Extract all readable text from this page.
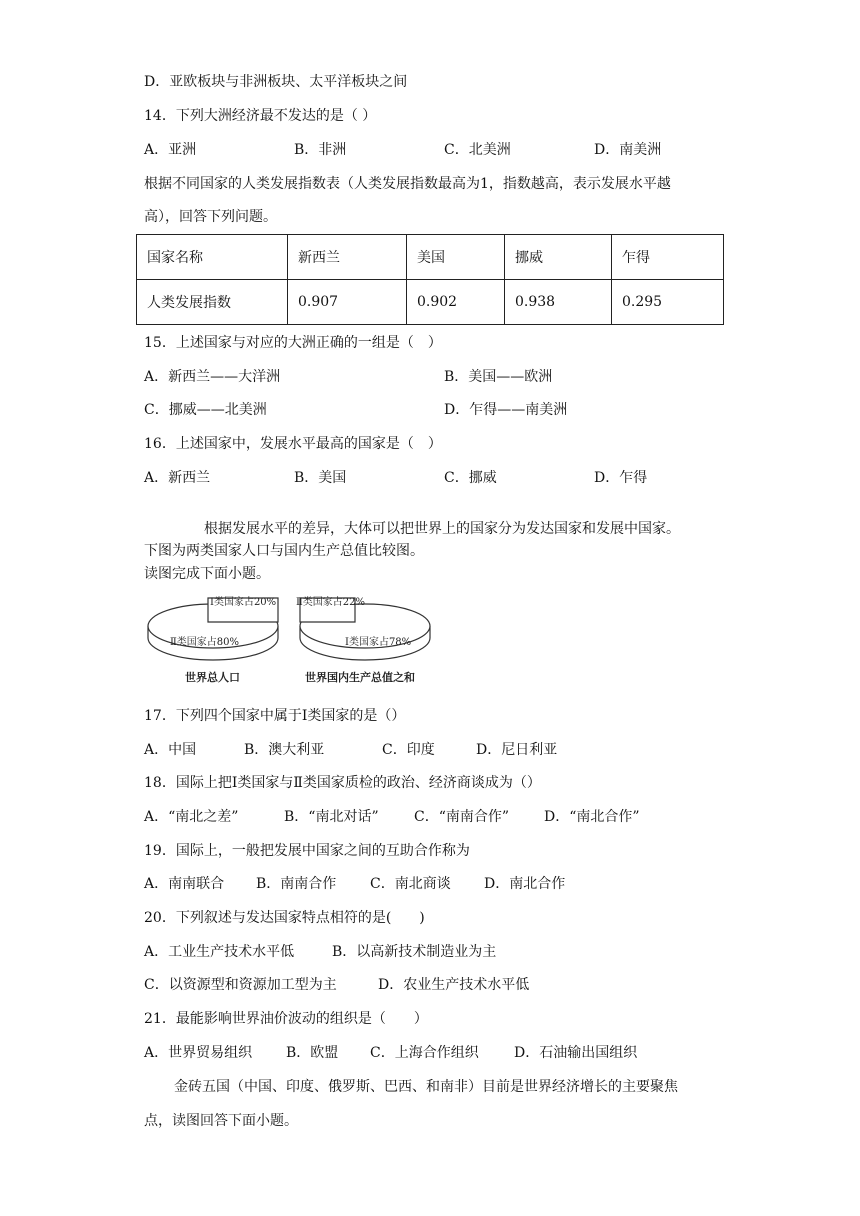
D．亚欧板块与非洲板块、太平洋板块之间
14．下列大洲经济最不发达的是（ ）
A．亚洲	B．非洲	C．北美洲	D．南美洲
根据不同国家的人类发展指数表（人类发展指数最高为1，指数越高，表示发展水平越
高），回答下列问题。
国家名称	新西兰	美国	挪威	乍得
人类发展指数	0.907	0.902	0.938	0.295
15．上述国家与对应的大洲正确的一组是（　）
A．新西兰——大洋洲	B．美国——欧洲
C．挪威——北美洲	D．乍得——南美洲
16．上述国家中，发展水平最高的国家是（　）
A．新西兰	B．美国	C．挪威	D．乍得
根据发展水平的差异，大体可以把世界上的国家分为发达国家和发展中国家。
下图为两类国家人口与国内生产总值比较图。
读图完成下面小题。
Ⅰ类国家占20%
Ⅱ类国家占80%
世界总人口
Ⅱ类国家占22%
Ⅰ类国家占78%
世界国内生产总值之和
17．下列四个国家中属于Ⅰ类国家的是（）
A．中国	B．澳大利亚	C．印度	D．尼日利亚
18．国际上把Ⅰ类国家与Ⅱ类国家质检的政治、经济商谈成为（）
A．“南北之差”	B．“南北对话”	C．“南南合作” D．“南北合作”
19．国际上，一般把发展中国家之间的互助合作称为
A．南南联合 B．南南合作 C．南北商谈 D．南北合作
20．下列叙述与发达国家特点相符的是(　　)
A．工业生产技术水平低	B．以高新技术制造业为主
C．以资源型和资源加工型为主	D．农业生产技术水平低
21．最能影响世界油价波动的组织是（　　）
A．世界贸易组织 B．欧盟 C．上海合作组织	D．石油输出国组织
金砖五国（中国、印度、俄罗斯、巴西、和南非）目前是世界经济增长的主要聚焦
点，读图回答下面小题。
